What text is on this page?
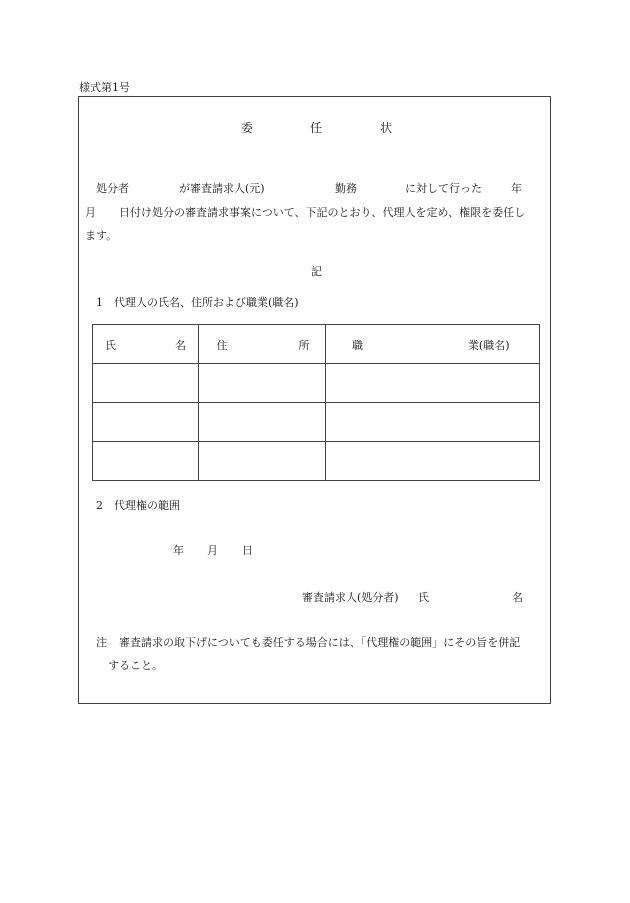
様式第1号
委	任	状
処分者	が審査請求人(元)	勤務	に対して行った	年
月 日付け処分の審査請求事案について、下記のとおり、代理人を定め、権限を委任し
ます。
記
1　代理人の氏名、住所および職業(職名)
氏 名	住 所	職 業(職名)

2　代理権の範囲
年 月 日
審査請求人(処分者) 氏	名
注 審査請求の取下げについても委任する場合には、「代理権の範囲」にその旨を併記
すること。
